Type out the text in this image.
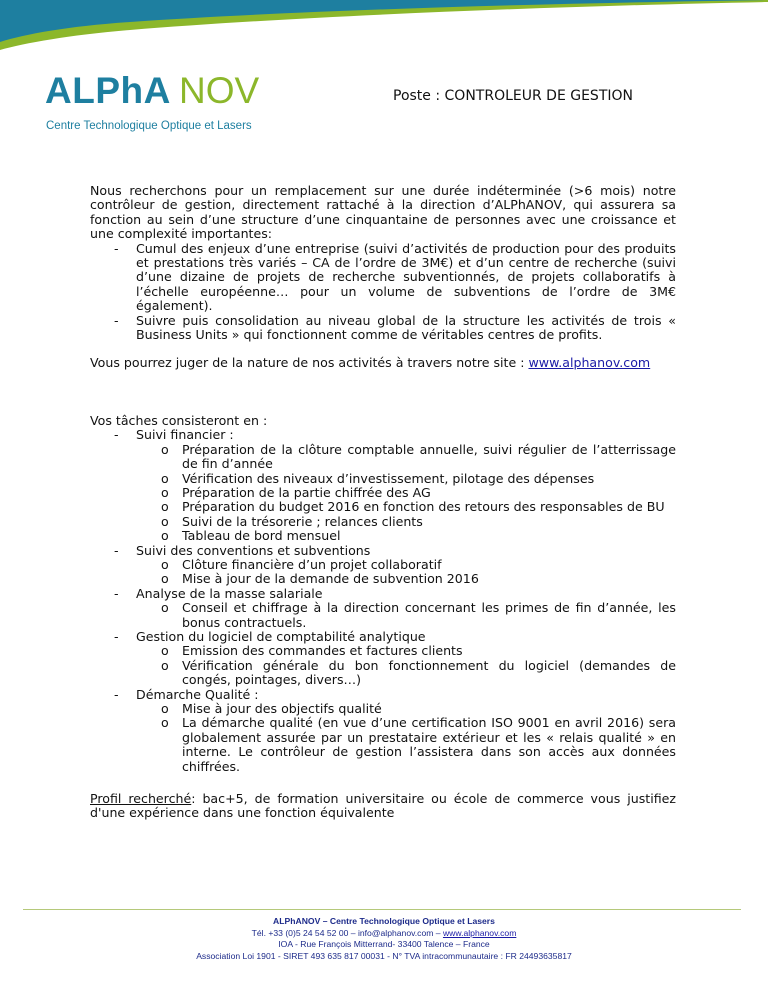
ALPhA NOV
Centre Technologique Optique et Lasers
Poste : CONTROLEUR DE GESTION

Nous recherchons pour un remplacement sur une durée indéterminée (>6 mois) notre contrôleur de gestion, directement rattaché à la direction d’ALPhANOV, qui assurera sa fonction au sein d’une structure d’une cinquantaine de personnes avec une croissance et une complexité importantes:

- Cumul des enjeux d’une entreprise (suivi d’activités de production pour des produits et prestations très variés – CA de l’ordre de 3M€) et d’un centre de recherche (suivi d’une dizaine de projets de recherche subventionnés, de projets collaboratifs à l’échelle européenne… pour un volume de subventions de l’ordre de 3M€ également).
- Suivre puis consolidation au niveau global de la structure les activités de trois « Business Units » qui fonctionnent comme de véritables centres de profits.

Vous pourrez juger de la nature de nos activités à travers notre site : www.alphanov.com

Vos tâches consisteront en :

- Suivi financier :
o Préparation de la clôture comptable annuelle, suivi régulier de l’atterrissage de fin d’année
o Vérification des niveaux d’investissement, pilotage des dépenses
o Préparation de la partie chiffrée des AG
o Préparation du budget 2016 en fonction des retours des responsables de BU
o Suivi de la trésorerie ; relances clients
o Tableau de bord mensuel
- Suivi des conventions et subventions
o Clôture financière d’un projet collaboratif
o Mise à jour de la demande de subvention 2016
- Analyse de la masse salariale
o Conseil et chiffrage à la direction concernant les primes de fin d’année, les bonus contractuels.
- Gestion du logiciel de comptabilité analytique
o Emission des commandes et factures clients
o Vérification générale du bon fonctionnement du logiciel (demandes de congés, pointages, divers…)
- Démarche Qualité :
o Mise à jour des objectifs qualité
o La démarche qualité (en vue d’une certification ISO 9001 en avril 2016) sera globalement assurée par un prestataire extérieur et les « relais qualité » en interne. Le contrôleur de gestion l’assistera dans son accès aux données chiffrées.

Profil recherché: bac+5, de formation universitaire ou école de commerce vous justifiez d'une expérience dans une fonction équivalente

ALPhANOV – Centre Technologique Optique et Lasers
Tél. +33 (0)5 24 54 52 00 – info@alphanov.com – www.alphanov.com
IOA - Rue François Mitterrand- 33400 Talence – France
Association Loi 1901 - SIRET 493 635 817 00031 - N° TVA intracommunautaire : FR 24493635817
